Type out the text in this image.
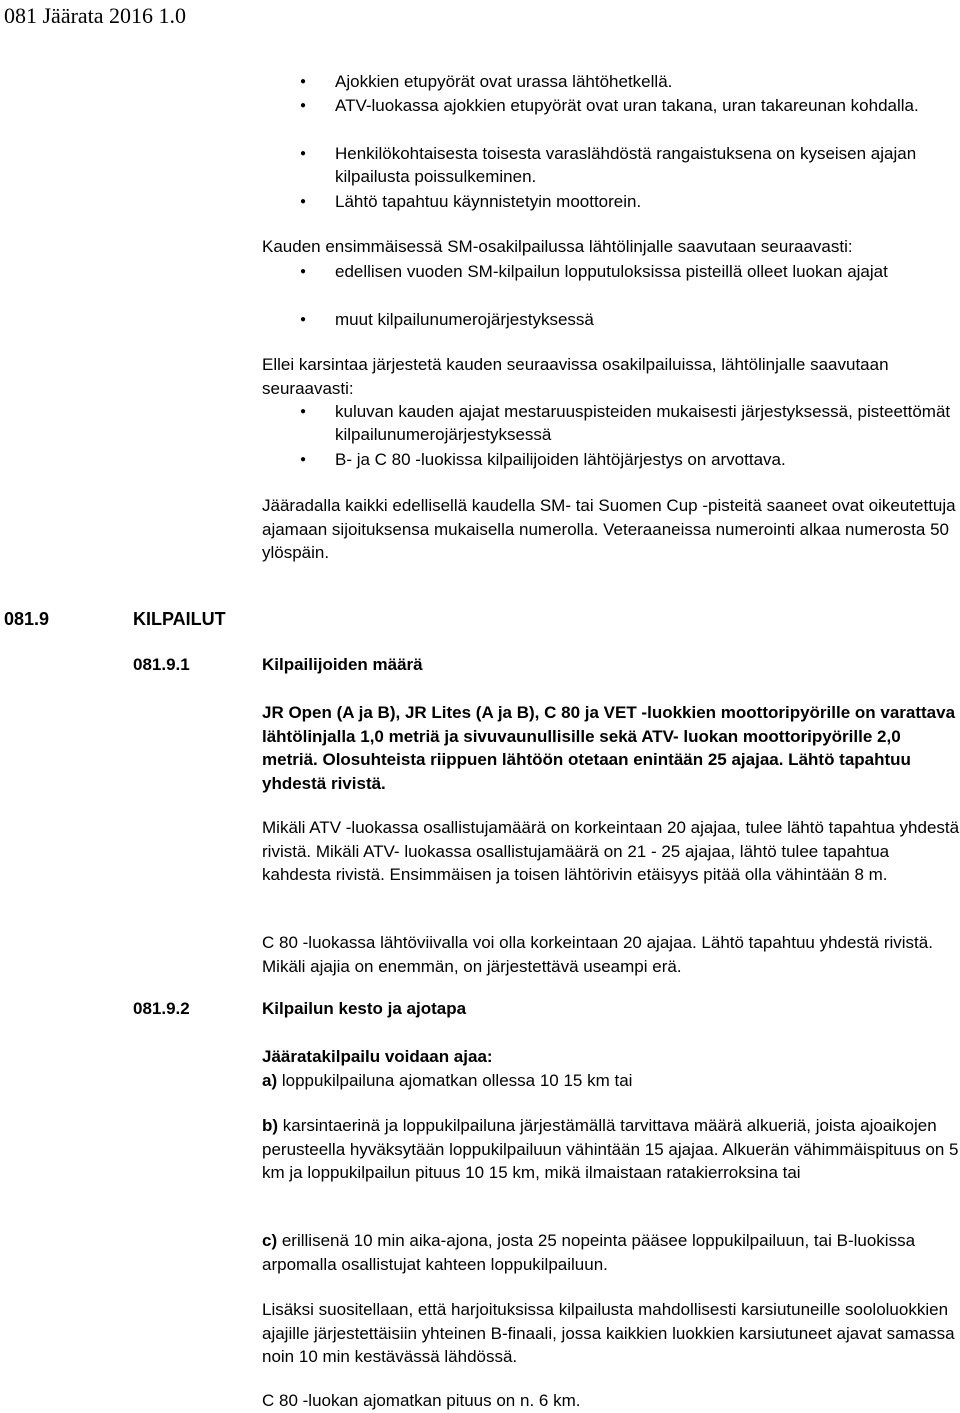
081 Jäärata 2016 1.0
● Ajokkien etupyörät ovat urassa lähtöhetkellä.
● ATV-luokassa ajokkien etupyörät ovat uran takana, uran takareunan kohdalla.
● Henkilökohtaisesta toisesta varaslähdöstä rangaistuksena on kyseisen ajajan kilpailusta poissulkeminen.
● Lähtö tapahtuu käynnistetyin moottorein.
Kauden ensimmäisessä SM-osakilpailussa lähtölinjalle saavutaan seuraavasti:
● edellisen vuoden SM-kilpailun lopputuloksissa pisteillä olleet luokan ajajat
● muut kilpailunumerojärjestyksessä
Ellei karsintaa järjestetä kauden seuraavissa osakilpailuissa, lähtölinjalle saavutaan seuraavasti:
● kuluvan kauden ajajat mestaruuspisteiden mukaisesti järjestyksessä, pisteettömät kilpailunumerojärjestyksessä
● B- ja C 80 -luokissa kilpailijoiden lähtöjärjestys on arvottava.
Jääradalla kaikki edellisellä kaudella SM- tai Suomen Cup -pisteitä saaneet ovat oikeutettuja ajamaan sijoituksensa mukaisella numerolla. Veteraaneissa numerointi alkaa numerosta 50 ylöspäin.
081.9	KILPAILUT
081.9.1	Kilpailijoiden määrä
JR Open (A ja B), JR Lites (A ja B), C 80 ja VET -luokkien moottoripyörille on varattava lähtölinjalla 1,0 metriä ja sivuvaunullisille sekä ATV- luokan moottoripyörille 2,0 metriä. Olosuhteista riippuen lähtöön otetaan enintään 25 ajajaa. Lähtö tapahtuu yhdestä rivistä.
Mikäli ATV -luokassa osallistujamäärä on korkeintaan 20 ajajaa, tulee lähtö tapahtua yhdestä rivistä. Mikäli ATV- luokassa osallistujamäärä on 21 - 25 ajajaa, lähtö tulee tapahtua kahdesta rivistä. Ensimmäisen ja toisen lähtörivin etäisyys pitää olla vähintään 8 m.
C 80 -luokassa lähtöviivalla voi olla korkeintaan 20 ajajaa. Lähtö tapahtuu yhdestä rivistä. Mikäli ajajia on enemmän, on järjestettävä useampi erä.
081.9.2	Kilpailun kesto ja ajotapa
Jääratakilpailu voidaan ajaa:
a) loppukilpailuna ajomatkan ollessa 10 15 km tai
b) karsintaerinä ja loppukilpailuna järjestämällä tarvittava määrä alkueriä, joista ajoaikojen perusteella hyväksytään loppukilpailuun vähintään 15 ajajaa. Alkuerän vähimmäispituus on 5 km ja loppukilpailun pituus 10 15 km, mikä ilmaistaan ratakierroksina tai
c) erillisenä 10 min aika-ajona, josta 25 nopeinta pääsee loppukilpailuun, tai B-luokissa arpomalla osallistujat kahteen loppukilpailuun.
Lisäksi suositellaan, että harjoituksissa kilpailusta mahdollisesti karsiutuneille soololuokkien ajajille järjestettäisiin yhteinen B-finaali, jossa kaikkien luokkien karsiutuneet ajavat samassa noin 10 min kestävässä lähdössä.
C 80 -luokan ajomatkan pituus on n. 6 km.
